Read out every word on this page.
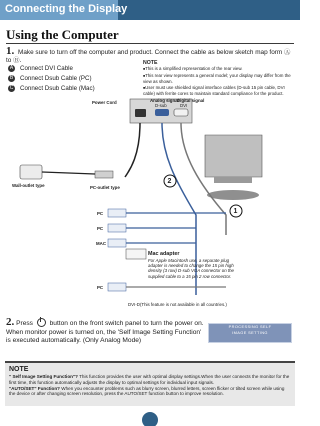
Connecting the Display
Using the Computer
1. Make sure to turn off the computer and product. Connect the cable as below sketch map form Ⓐ to Ⓑ.
A Connect DVI Cable
B Connect Dsub Cable (PC)
C Connect Dsub Cable (Mac)
NOTE
■ This is a simplified representation of the rear view.
■ This rear view represents a general model; your display may differ from the view as shown.
■ User must use shielded signal interface cables (D-sub 15 pin cable, DVI cable) with ferrite cores to maintain standard compliance for the product.
Power Cord	Analog signal
Digital signal
D-sub	DVI
Wall-outlet type	PC-outlet type
PC
PC
MAC
PC
Mac adapter
For Apple Macintosh use, a separate plug adapter is needed to change the 15 pin high density (3 row) D-sub VGA connector on the supplied cable to a 15 pin 2 row connector.
DVI-D(This feature is not available in all countries.)
2
1
2. Press	button on the front switch panel to turn the power on. When monitor power is turned on, the 'Self Image Setting Function' is executed automatically. (Only Analog Mode)
PROCESSING SELF
IMAGE SETTING
NOTE
" Self Image Setting Function"? This function provides the user with optimal display settings.When the user connects the monitor for the first time, this function automatically adjusts the display to optimal settings for individual input signals.
"AUTO/SET" Function? When you encounter problems such as blurry screen, blurred letters, screen flicker or tilted screen while using the device or after changing screen resolution, press the AUTO/SET function button to improve resolution.
